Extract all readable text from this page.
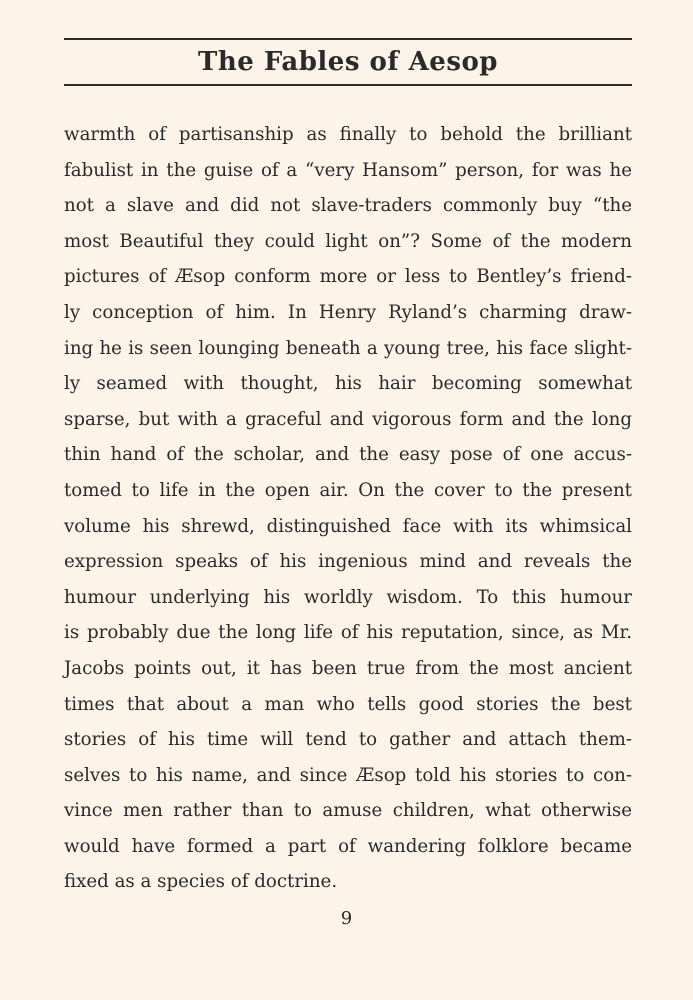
The Fables of Aesop
warmth of partisanship as finally to behold the brilliant
fabulist in the guise of a “very Hansom” person, for was he
not a slave and did not slave-traders commonly buy “the
most Beautiful they could light on”? Some of the modern
pictures of Æsop conform more or less to Bentley’s friend-
ly conception of him. In Henry Ryland’s charming draw-
ing he is seen lounging beneath a young tree, his face slight-
ly seamed with thought, his hair becoming somewhat
sparse, but with a graceful and vigorous form and the long
thin hand of the scholar, and the easy pose of one accus-
tomed to life in the open air. On the cover to the present
volume his shrewd, distinguished face with its whimsical
expression speaks of his ingenious mind and reveals the
humour underlying his worldly wisdom. To this humour
is probably due the long life of his reputation, since, as Mr.
Jacobs points out, it has been true from the most ancient
times that about a man who tells good stories the best
stories of his time will tend to gather and attach them-
selves to his name, and since Æsop told his stories to con-
vince men rather than to amuse children, what otherwise
would have formed a part of wandering folklore became
fixed as a species of doctrine.
9
